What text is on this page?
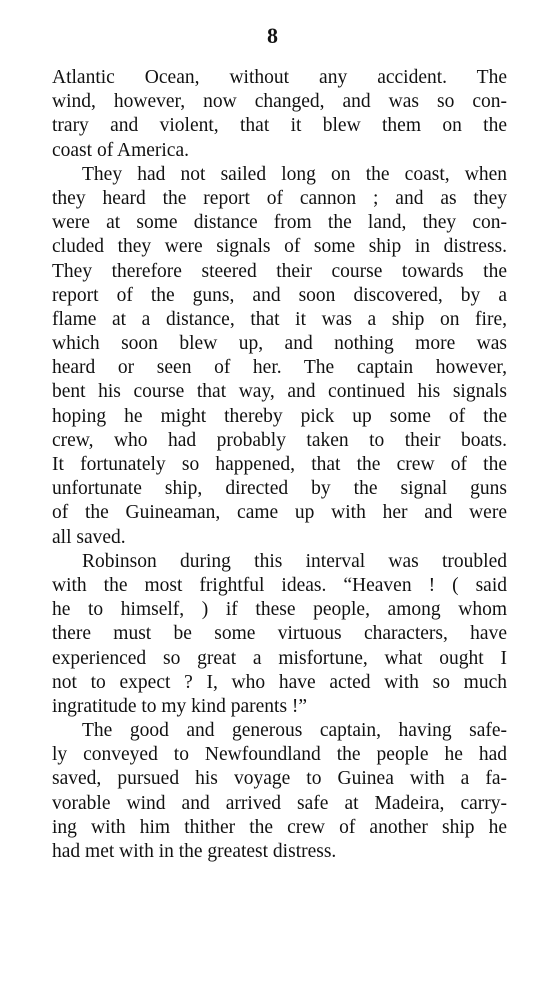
8
Atlantic Ocean, without any accident. The
wind, however, now changed, and was so con-
trary and violent, that it blew them on the
coast of America.
They had not sailed long on the coast, when
they heard the report of cannon ; and as they
were at some distance from the land, they con-
cluded they were signals of some ship in distress.
They therefore steered their course towards the
report of the guns, and soon discovered, by a
flame at a distance, that it was a ship on fire,
which soon blew up, and nothing more was
heard or seen of her. The captain however,
bent his course that way, and continued his signals
hoping he might thereby pick up some of the
crew, who had probably taken to their boats.
It fortunately so happened, that the crew of the
unfortunate ship, directed by the signal guns
of the Guineaman, came up with her and were
all saved.
Robinson during this interval was troubled
with the most frightful ideas. “Heaven ! ( said
he to himself, ) if these people, among whom
there must be some virtuous characters, have
experienced so great a misfortune, what ought I
not to expect ? I, who have acted with so much
ingratitude to my kind parents !”
The good and generous captain, having safe-
ly conveyed to Newfoundland the people he had
saved, pursued his voyage to Guinea with a fa-
vorable wind and arrived safe at Madeira, carry-
ing with him thither the crew of another ship he
had met with in the greatest distress.
